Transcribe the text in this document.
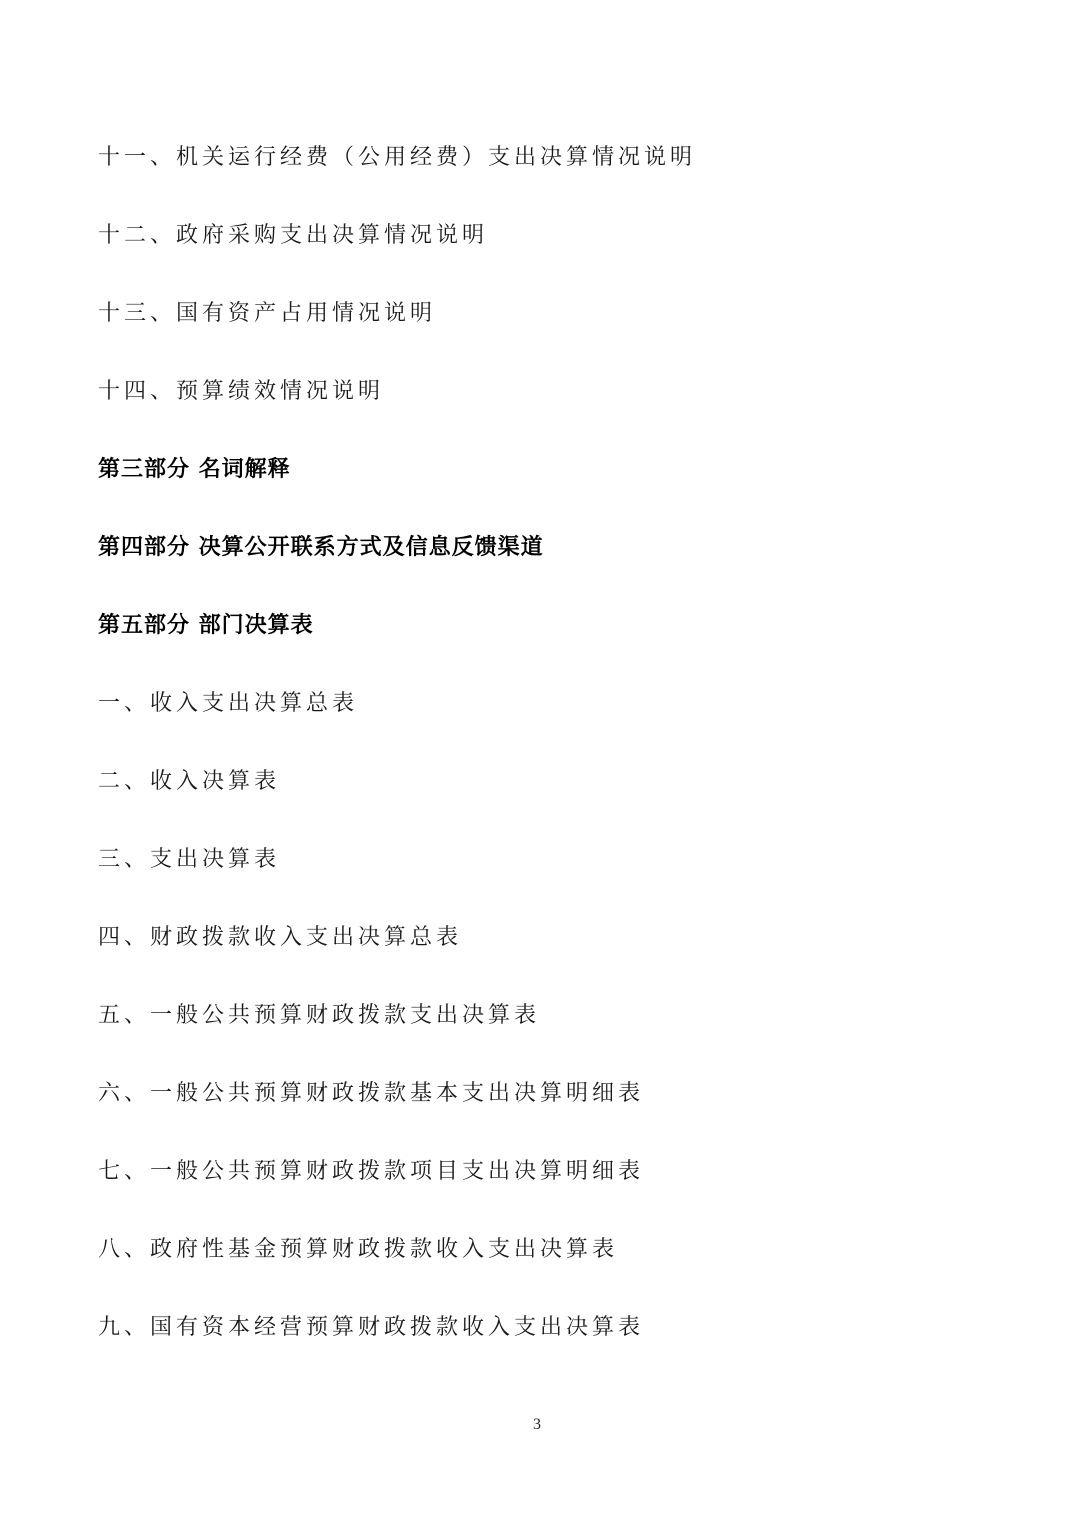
十一、机关运行经费（公用经费）支出决算情况说明
十二、政府采购支出决算情况说明
十三、国有资产占用情况说明
十四、预算绩效情况说明
第三部分 名词解释
第四部分 决算公开联系方式及信息反馈渠道
第五部分 部门决算表
一、收入支出决算总表
二、收入决算表
三、支出决算表
四、财政拨款收入支出决算总表
五、一般公共预算财政拨款支出决算表
六、一般公共预算财政拨款基本支出决算明细表
七、一般公共预算财政拨款项目支出决算明细表
八、政府性基金预算财政拨款收入支出决算表
九、国有资本经营预算财政拨款收入支出决算表
3
